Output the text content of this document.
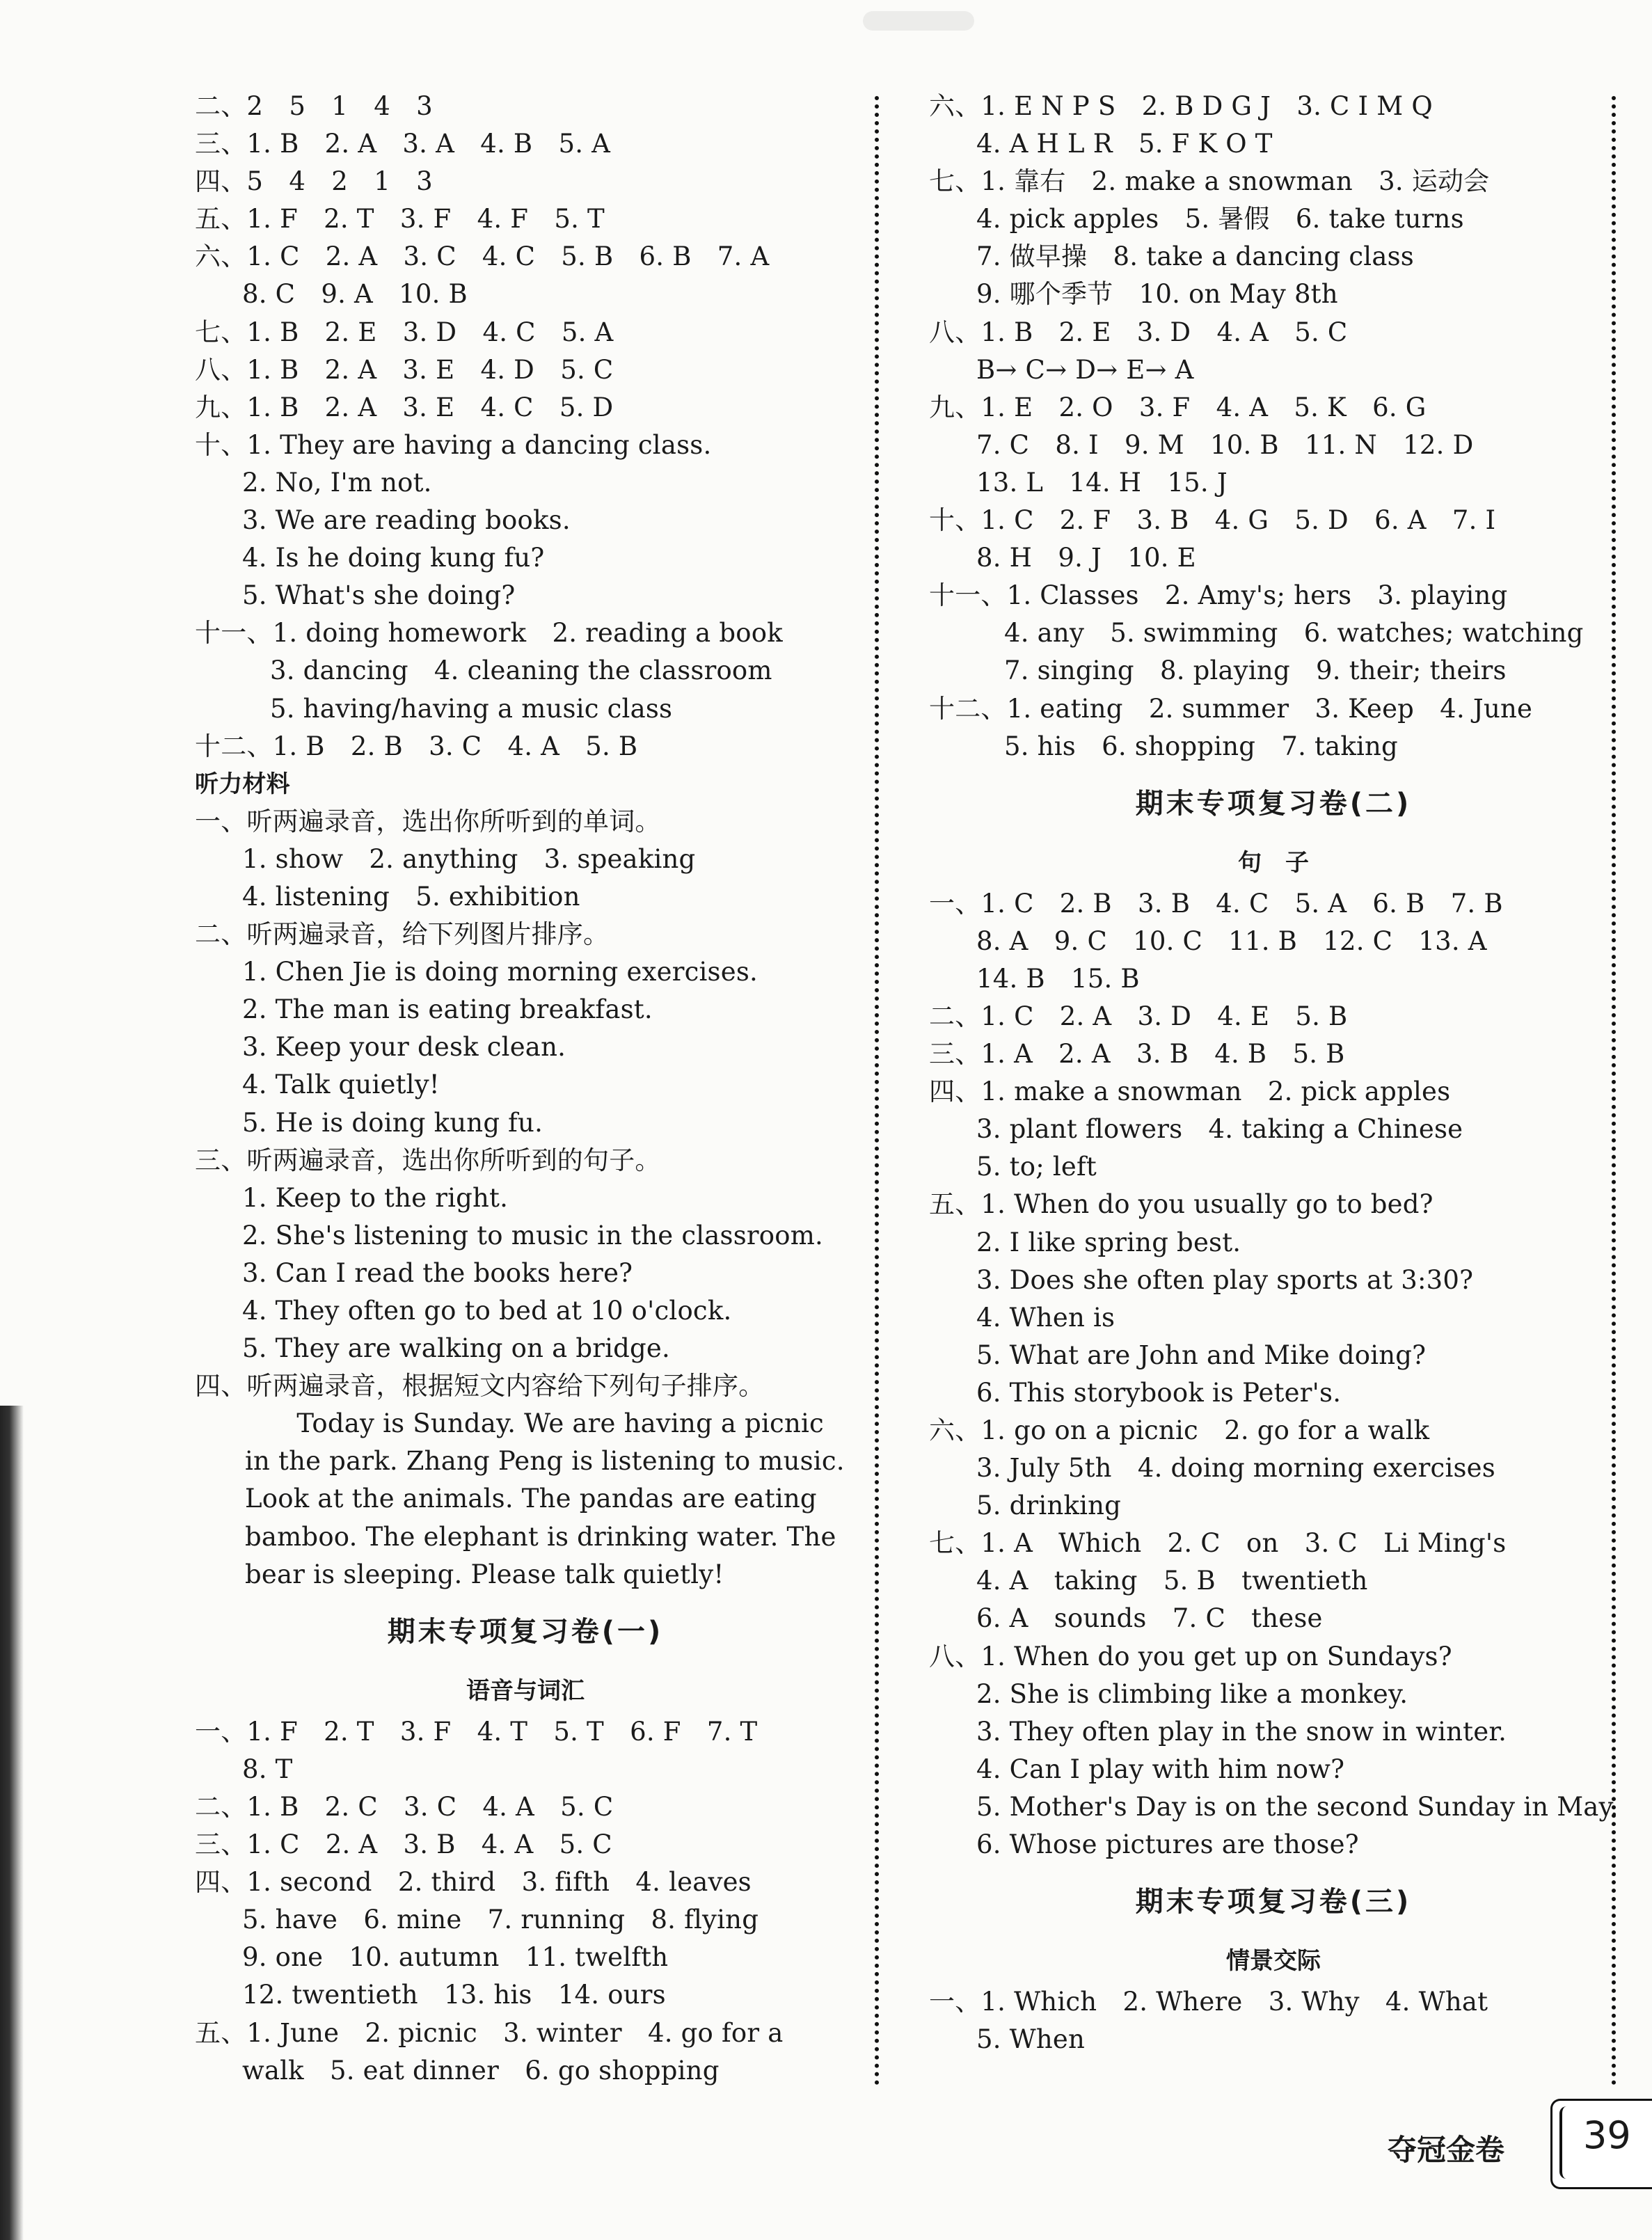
二、2　5　1　4　3
三、1. B　2. A　3. A　4. B　5. A
四、5　4　2　1　3
五、1. F　2. T　3. F　4. F　5. T
六、1. C　2. A　3. C　4. C　5. B　6. B　7. A
8. C　9. A　10. B
七、1. B　2. E　3. D　4. C　5. A
八、1. B　2. A　3. E　4. D　5. C
九、1. B　2. A　3. E　4. C　5. D
十、1. They are having a dancing class.
2. No, I'm not.
3. We are reading books.
4. Is he doing kung fu?
5. What's she doing?
十一、1. doing homework　2. reading a book
3. dancing　4. cleaning the classroom
5. having/having a music class
十二、1. B　2. B　3. C　4. A　5. B
听力材料
一、听两遍录音，选出你所听到的单词。
1. show　2. anything　3. speaking
4. listening　5. exhibition
二、听两遍录音，给下列图片排序。
1. Chen Jie is doing morning exercises.
2. The man is eating breakfast.
3. Keep your desk clean.
4. Talk quietly!
5. He is doing kung fu.
三、听两遍录音，选出你所听到的句子。
1. Keep to the right.
2. She's listening to music in the classroom.
3. Can I read the books here?
4. They often go to bed at 10 o'clock.
5. They are walking on a bridge.
四、听两遍录音，根据短文内容给下列句子排序。
　　Today is Sunday. We are having a picnic
in the park. Zhang Peng is listening to music.
Look at the animals. The pandas are eating
bamboo. The elephant is drinking water. The
bear is sleeping. Please talk quietly!
期末专项复习卷(一)
语音与词汇
一、1. F　2. T　3. F　4. T　5. T　6. F　7. T
8. T
二、1. B　2. C　3. C　4. A　5. C
三、1. C　2. A　3. B　4. A　5. C
四、1. second　2. third　3. fifth　4. leaves
5. have　6. mine　7. running　8. flying
9. one　10. autumn　11. twelfth
12. twentieth　13. his　14. ours
五、1. June　2. picnic　3. winter　4. go for a
walk　5. eat dinner　6. go shopping
六、1. E N P S　2. B D G J　3. C I M Q
4. A H L R　5. F K O T
七、1. 靠右　2. make a snowman　3. 运动会
4. pick apples　5. 暑假　6. take turns
7. 做早操　8. take a dancing class
9. 哪个季节　10. on May 8th
八、1. B　2. E　3. D　4. A　5. C
B→ C→ D→ E→ A
九、1. E　2. O　3. F　4. A　5. K　6. G
7. C　8. I　9. M　10. B　11. N　12. D
13. L　14. H　15. J
十、1. C　2. F　3. B　4. G　5. D　6. A　7. I
8. H　9. J　10. E
十一、1. Classes　2. Amy's; hers　3. playing
4. any　5. swimming　6. watches; watching
7. singing　8. playing　9. their; theirs
十二、1. eating　2. summer　3. Keep　4. June
5. his　6. shopping　7. taking
期末专项复习卷(二)
句　子
一、1. C　2. B　3. B　4. C　5. A　6. B　7. B
8. A　9. C　10. C　11. B　12. C　13. A
14. B　15. B
二、1. C　2. A　3. D　4. E　5. B
三、1. A　2. A　3. B　4. B　5. B
四、1. make a snowman　2. pick apples
3. plant flowers　4. taking a Chinese
5. to; left
五、1. When do you usually go to bed?
2. I like spring best.
3. Does she often play sports at 3:30?
4. When is
5. What are John and Mike doing?
6. This storybook is Peter's.
六、1. go on a picnic　2. go for a walk
3. July 5th　4. doing morning exercises
5. drinking
七、1. A　Which　2. C　on　3. C　Li Ming's
4. A　taking　5. B　twentieth
6. A　sounds　7. C　these
八、1. When do you get up on Sundays?
2. She is climbing like a monkey.
3. They often play in the snow in winter.
4. Can I play with him now?
5. Mother's Day is on the second Sunday in May.
6. Whose pictures are those?
期末专项复习卷(三)
情景交际
一、1. Which　2. Where　3. Why　4. What
5. When
夺冠金卷 39
